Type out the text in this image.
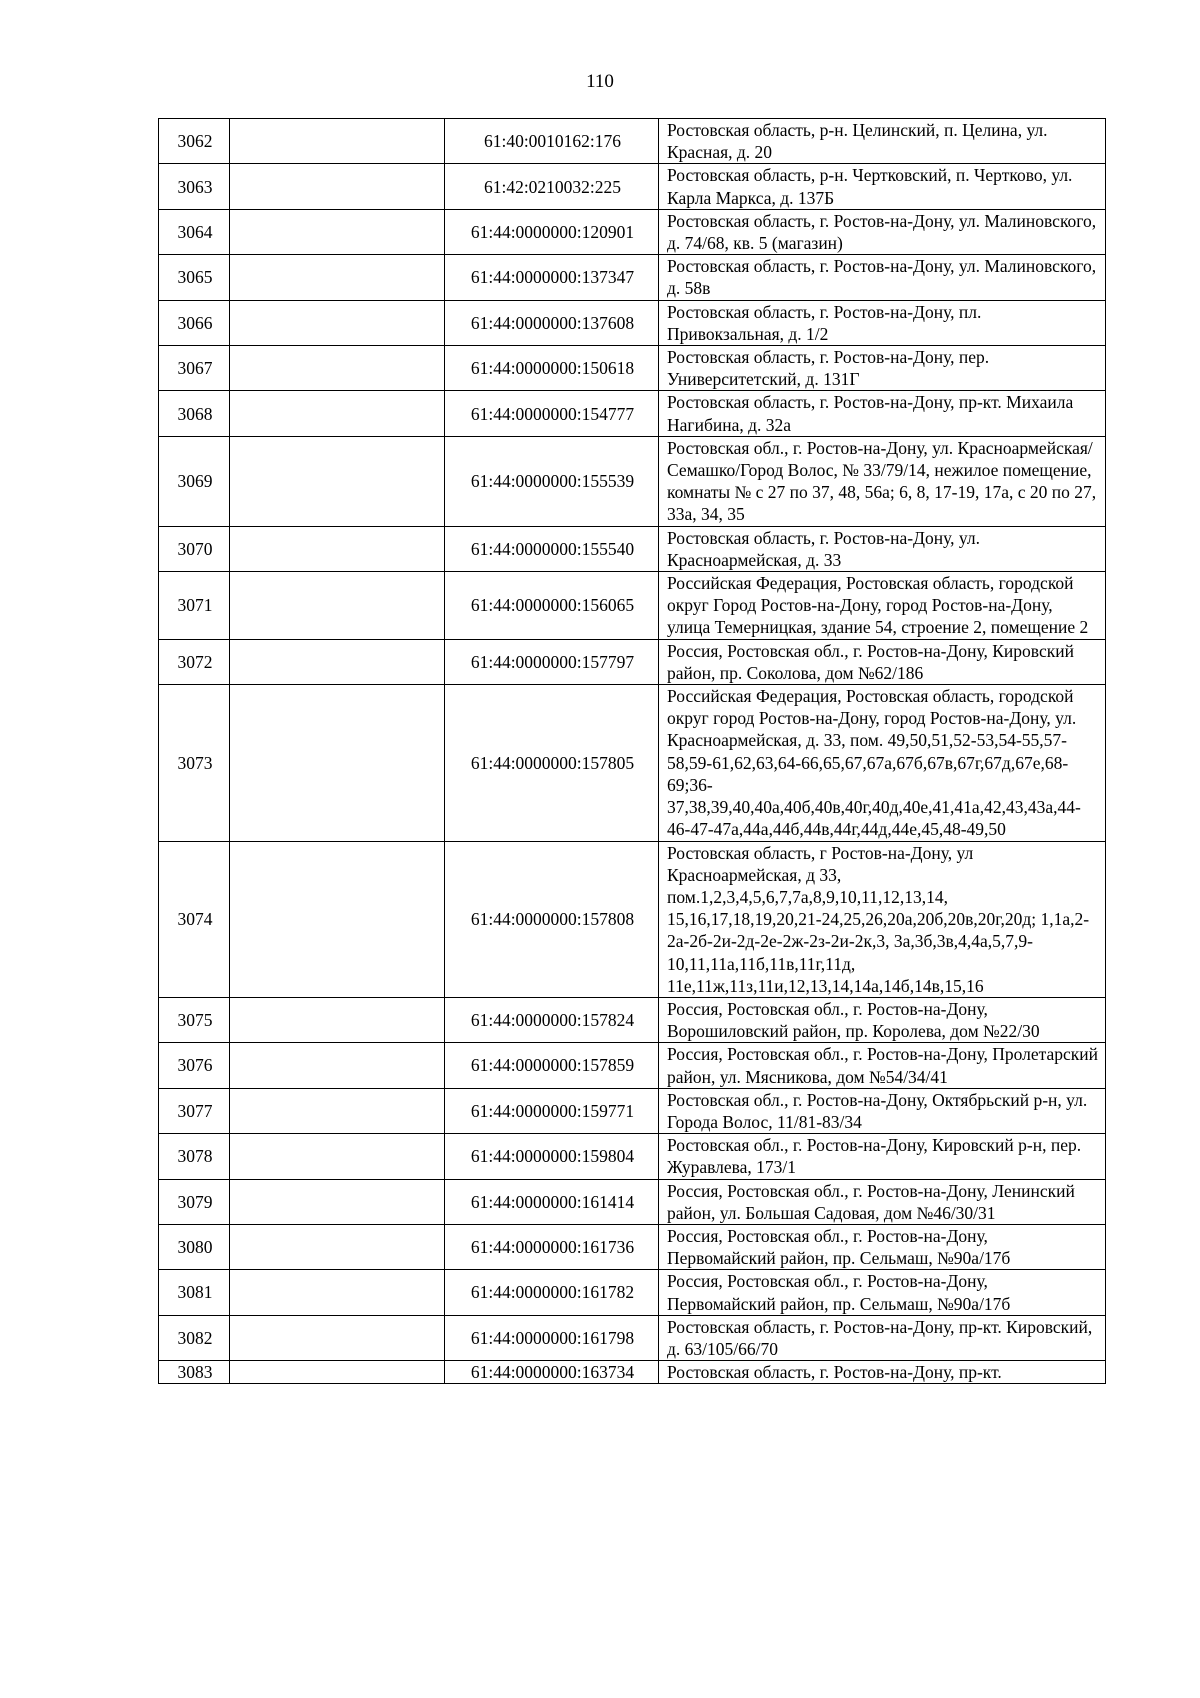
110
3062		61:40:0010162:176	Ростовская область, р-н. Целинский, п. Целина, ул. Красная, д. 20
3063		61:42:0210032:225	Ростовская область, р-н. Чертковский, п. Чертково, ул. Карла Маркса, д. 137Б
3064		61:44:0000000:120901	Ростовская область, г. Ростов-на-Дону, ул. Малиновского, д. 74/68, кв. 5 (магазин)
3065		61:44:0000000:137347	Ростовская область, г. Ростов-на-Дону, ул. Малиновского, д. 58в
3066		61:44:0000000:137608	Ростовская область, г. Ростов-на-Дону, пл. Привокзальная, д. 1/2
3067		61:44:0000000:150618	Ростовская область, г. Ростов-на-Дону, пер. Университетский, д. 131Г
3068		61:44:0000000:154777	Ростовская область, г. Ростов-на-Дону, пр-кт. Михаила Нагибина, д. 32а
3069		61:44:0000000:155539	Ростовская обл., г. Ростов-на-Дону, ул. Красноармейская/Семашко/Город Волос, № 33/79/14, нежилое помещение, комнаты № с 27 по 37, 48, 56а; 6, 8, 17-19, 17а, с 20 по 27, 33а, 34, 35
3070		61:44:0000000:155540	Ростовская область, г. Ростов-на-Дону, ул. Красноармейская, д. 33
3071		61:44:0000000:156065	Российская Федерация, Ростовская область, городской округ Город Ростов-на-Дону, город Ростов-на-Дону, улица Темерницкая, здание 54, строение 2, помещение 2
3072		61:44:0000000:157797	Россия, Ростовская обл., г. Ростов-на-Дону, Кировский район, пр. Соколова, дом №62/186
3073		61:44:0000000:157805	Российская Федерация, Ростовская область, городской округ город Ростов-на-Дону, город Ростов-на-Дону, ул. Красноармейская, д. 33, пом. 49,50,51,52-53,54-55,57-58,59-61,62,63,64-66,65,67,67а,67б,67в,67г,67д,67е,68-69;36-37,38,39,40,40а,40б,40в,40г,40д,40е,41,41а,42,43,43а,44-46-47-47а,44а,44б,44в,44г,44д,44е,45,48-49,50
3074		61:44:0000000:157808	Ростовская область, г Ростов-на-Дону, ул Красноармейская, д 33, пом.1,2,3,4,5,6,7,7а,8,9,10,11,12,13,14, 15,16,17,18,19,20,21-24,25,26,20а,20б,20в,20г,20д; 1,1а,2-2а-2б-2и-2д-2е-2ж-2з-2и-2к,3, 3а,3б,3в,4,4а,5,7,9-10,11,11а,11б,11в,11г,11д, 11е,11ж,11з,11и,12,13,14,14а,14б,14в,15,16
3075		61:44:0000000:157824	Россия, Ростовская обл., г. Ростов-на-Дону, Ворошиловский район, пр. Королева, дом №22/30
3076		61:44:0000000:157859	Россия, Ростовская обл., г. Ростов-на-Дону, Пролетарский район, ул. Мясникова, дом №54/34/41
3077		61:44:0000000:159771	Ростовская обл., г. Ростов-на-Дону, Октябрьский р-н, ул. Города Волос, 11/81-83/34
3078		61:44:0000000:159804	Ростовская обл., г. Ростов-на-Дону, Кировский р-н, пер. Журавлева, 173/1
3079		61:44:0000000:161414	Россия, Ростовская обл., г. Ростов-на-Дону, Ленинский район, ул. Большая Садовая, дом №46/30/31
3080		61:44:0000000:161736	Россия, Ростовская обл., г. Ростов-на-Дону, Первомайский район, пр. Сельмаш, №90а/17б
3081		61:44:0000000:161782	Россия, Ростовская обл., г. Ростов-на-Дону, Первомайский район, пр. Сельмаш, №90а/17б
3082		61:44:0000000:161798	Ростовская область, г. Ростов-на-Дону, пр-кт. Кировский, д. 63/105/66/70
3083		61:44:0000000:163734	Ростовская область, г. Ростов-на-Дону, пр-кт.
